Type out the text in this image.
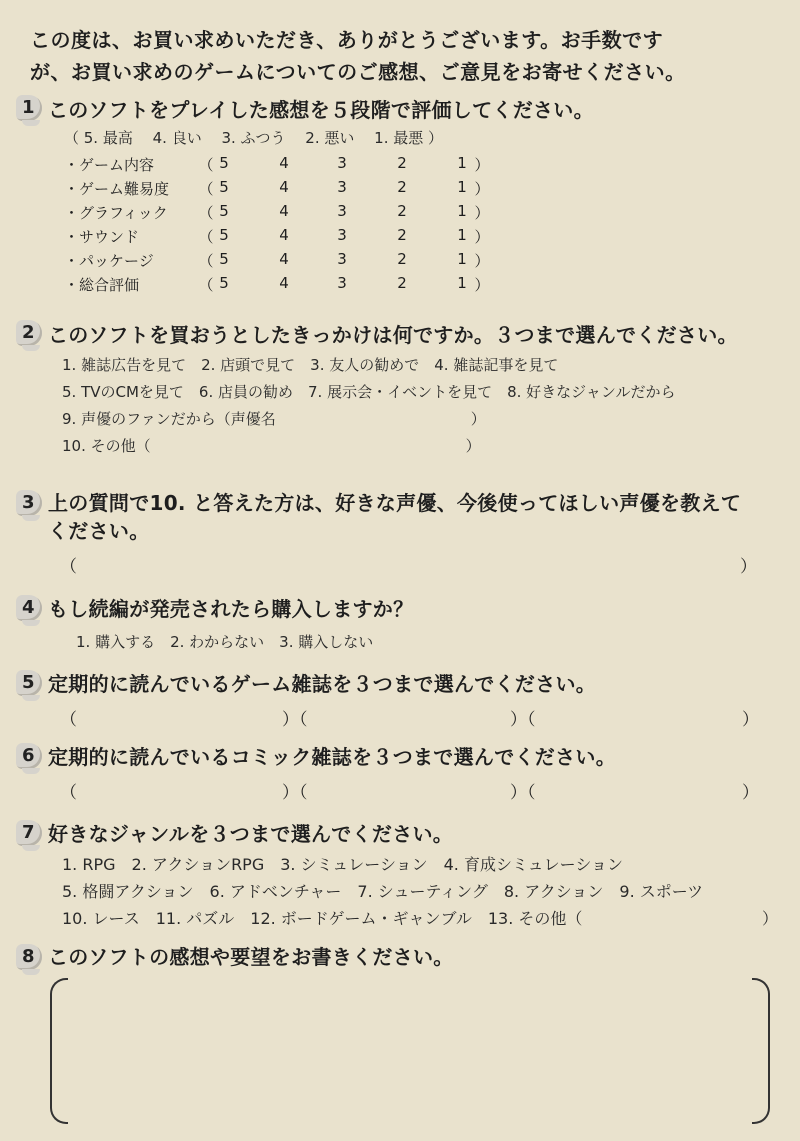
この度は、お買い求めいただき、ありがとうございます。お手数です
が、お買い求めのゲームについてのご感想、ご意見をお寄せください。
1 このソフトをプレイした感想を５段階で評価してください。
（ 5. 最高　 4. 良い　 3. ふつう　 2. 悪い　 1. 最悪 ）
・ゲーム内容	（ 5	4	3	2	1 ）
・ゲーム難易度 （ 5	4	3	2	1 ）
・グラフィック （ 5	4	3	2	1 ）
・サウンド	（ 5	4	3	2	1 ）
・パッケージ	（ 5	4	3	2	1 ）
・総合評価	（ 5	4	3	2	1 ）
2 このソフトを買おうとしたきっかけは何ですか。３つまで選んでください。
1. 雑誌広告を見て　2. 店頭で見て　3. 友人の勧めで　4. 雑誌記事を見て
5. TVのCMを見て　6. 店員の勧め　7. 展示会・イベントを見て　8. 好きなジャンルだから
9. 声優のファンだから（声優名　　　　　　　　　　　　　）
10. その他（　　　　　　　　　　　　　　　　　　　　　）
3 上の質問で10. と答えた方は、好きな声優、今後使ってほしい声優を教えて
ください。
（	）
4 もし続編が発売されたら購入しますか？
1. 購入する　2. わからない　3. 購入しない
5 定期的に読んでいるゲーム雑誌を３つまで選んでください。
（	）（	）（	）
6 定期的に読んでいるコミック雑誌を３つまで選んでください。
（	）（	）（	）
7 好きなジャンルを３つまで選んでください。
1. RPG　2. アクションRPG　3. シミュレーション　4. 育成シミュレーション
5. 格闘アクション　6. アドベンチャー　7. シューティング　8. アクション　9. スポーツ
10. レース　11. パズル　12. ボードゲーム・ギャンブル　13. その他（	）
8 このソフトの感想や要望をお書きください。
